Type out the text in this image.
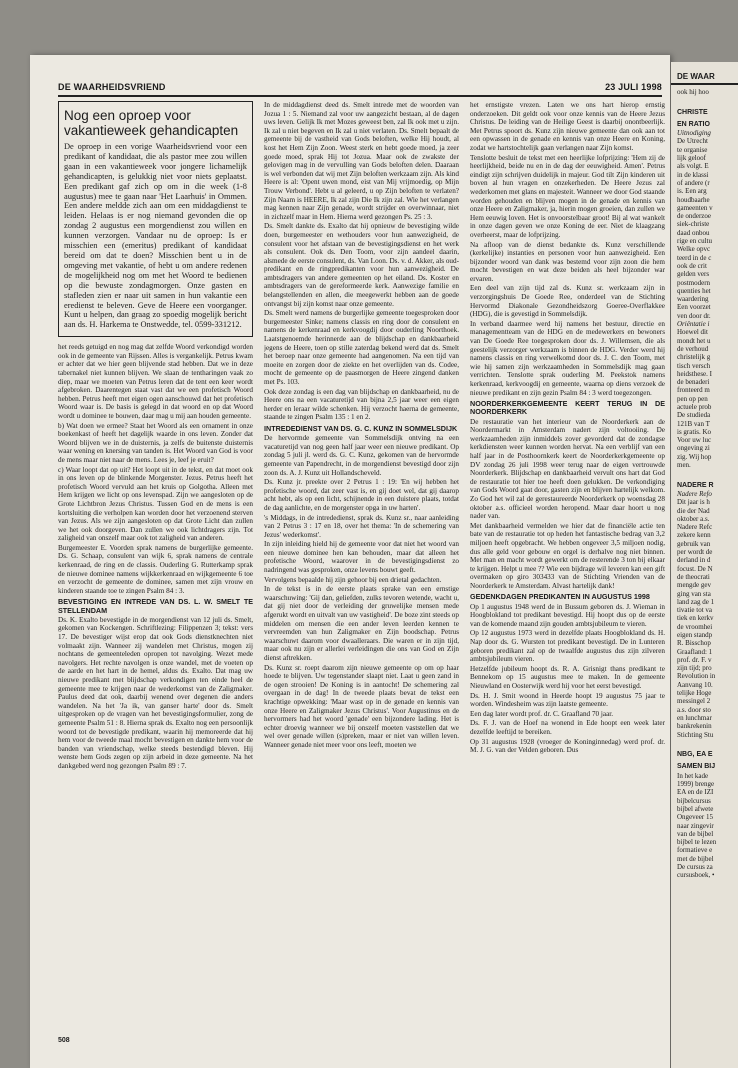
DE WAARHEIDSVRIEND	23 JULI 1998
Nog een oproep voor vakantieweek gehandicapten

De oproep in een vorige Waarheidsvriend voor een predikant of kandidaat, die als pastor mee zou willen gaan in een vakantieweek voor jongere lichamelijk gehandicapten, is gelukkig niet voor niets geplaatst. Een predikant gaf zich op om in die week (1-8 augustus) mee te gaan naar 'Het Laarhuis' in Ommen. Een andere meldde zich aan om een middagdienst te leiden. Helaas is er nog niemand gevonden die op zondag 2 augustus een morgendienst zou willen en kunnen verzorgen. Vandaar nu de oproep: Is er misschien een (emeritus) predikant of kandidaat bereid om dat te doen? Misschien bent u in de omgeving met vakantie, of hebt u om andere redenen de mogelijkheid nog om met het Woord te bedienen op die bewuste zondagmorgen. Onze gasten en stafleden zien er naar uit samen in hun vakantie een eredienst te beleven. Geve de Heere een voorganger. Kunt u helpen, dan graag zo spoedig mogelijk bericht aan ds. H. Harkema te Onstwedde, tel. 0599-331212.

het reeds getuigd en nog mag dat zelfde Woord verkondigd worden ook in de gemeente van Rijssen. Alles is vergankelijk. Petrus kwam er achter dat we hier geen blijvende stad hebben. Dat we in deze tabernakel niet kunnen blijven. We slaan de tentharingen vaak zo diep, maar we moeten van Petrus leren dat de tent een keer wordt afgebroken. Daarentegen staat vast dat we een profetisch Woord hebben. Petrus heeft met eigen ogen aanschouwd dat het profetisch Woord waar is. De basis is gelegd in dat woord en op dat Woord wordt u dominee te bouwen, daar mag u mij aan houden gemeente.

b) Wat doen we ermee? Staat het Woord als een ornament in onze boekenkast of heeft het dagelijk waarde in ons leven. Zonder dat Woord blijven we in de duisternis, ja zelfs de buitenste duisternis waar wening en knersing van tanden is. Het Woord van God is voor de mens maar niet naar de mens. Lees je, leef je eruit?

c) Waar loopt dat op uit? Het loopt uit in de tekst, en dat moet ook in ons leven op de blinkende Morgenster. Jezus. Petrus heeft het profetisch Woord vervuld aan het kruis op Golgotha. Alleen met Hem krijgen we licht op ons levenspad. Zijn we aangesloten op de Grote Lichtbron Jezus Christus. Tussen God en de mens is een kortsluiting die verholpen kan worden door het verzoenend sterven van Jezus. Als we zijn aangesloten op dat Grote Licht dan zullen we het ook doorgeven. Dan zullen we ook lichtdragers zijn. Tot zaligheid van onszelf maar ook tot zaligheid van anderen.

Burgemeester E. Voorden sprak namens de burgerlijke gemeente. Ds. G. Schaap, consulent van wijk 6, sprak namens de centrale kerkenraad, de ring en de classis. Ouderling G. Rutterkamp sprak de nieuwe dominee namens wijkkerkenraad en wijkgemeente 6 toe en verzocht de gemeente de dominee, samen met zijn vrouw en kinderen staande toe te zingen Psalm 84 : 3.

BEVESTIGING EN INTREDE VAN DS. L. W. SMELT TE STELLENDAM

Ds. K. Exalto bevestigde in de morgendienst van 12 juli ds. Smelt, gekomen van Kockengen. Schriftlezing: Filippenzen 3; tekst: vers 17. De bevestiger wijst erop dat ook Gods dienstknechten niet volmaakt zijn. Wanneer zij wandelen met Christus, mogen zij nochtans de gemeenteleden opropen tot navolging. Wezet mede navolgers. Het rechte navolgen is onze wandel, met de voeten op de aarde en het hart in de hemel, aldus ds. Exalto. Dat mag uw nieuwe predikant met blijdschap verkondigen ten einde heel de gemeente mee te krijgen naar de wederkomst van de Zaligmaker. Paulus deed dat ook, daarbij wenend over degenen die anders wandelen. Na het 'Ja ik, van ganser harte' door ds. Smelt uitgesproken op de vragen van het bevestigingsformulier, zong de gemeente Psalm 51 : 8. Hierna sprak ds. Exalto nog een persoonlijk woord tot de bevestigde predikant, waarin hij memoreerde dat hij hem voor de tweede maal mocht bevestigen en dankte hem voor de banden van vriendschap, welke steeds bestendigd bleven. Hij wenste hem Gods zegen op zijn arbeid in deze gemeente. Na het dankgebed werd nog gezongen Psalm 89 : 7.

In de middagdienst deed ds. Smelt intrede met de woorden van Jozua 1 : 5. Niemand zal voor uw aangezicht bestaan, al de dagen uws leven. Gelijk Ik met Mozes geweest ben, zal Ik ook met u zijn. Ik zal u niet begeven en Ik zal u niet verlaten. Ds. Smelt bepaalt de gemeente bij de vastheid van Gods beloften, welke Hij houdt, al kost het Hem Zijn Zoon. Weest sterk en hebt goede moed, ja zeer goede moed, sprak Hij tot Jozua. Maar ook de zwakste der gelovigen mag in de vervulling van Gods beloften delen. Daaraan is wel verbonden dat wij met Zijn beloften werkzaam zijn. Als kind Heere is al: 'Opent uwen mond, eist van Mij vrijmoedig, op Mijn Trouw Verbond'. Hebt u al geleerd, u op Zijn beloften te verlaten? Zijn Naam is HEERE, Ik zal zijn Die Ik zijn zal. Wie het verlangen mag kennen naar Zijn genade, wordt strijder en overwinnaar, niet in zichzelf maar in Hem. Hierna werd gezongen Ps. 25 : 3.

Ds. Smelt dankte ds. Exalto dat hij opnieuw de bevestiging wilde doen, burgemeester en wethouders voor hun aanwezigheid, de consulent voor het afstaan van de bevestigingsdienst en het werk als consulent. Ook ds. Den Toom, voor zijn aandeel daarin, alsmede de eerste consulent, ds. Van Loon. Ds. v. d. Akker, als oud-predikant en de ringpredikanten voor hun aanwezigheid. De ambtsdragers van andere gemeenten op het eiland. Ds. Koster en ambtsdragers van de gereformeerde kerk. Aanwezige familie en belangstellenden en allen, die meegewerkt hebben aan de goede ontvangst bij zijn komst naar onze gemeente.

Ds. Smelt werd namens de burgerlijke gemeente toegesproken door burgemeester Sinke; namens classis en ring door de consulent en namens de kerkenraad en kerkvoogdij door ouderling Noorthoek. Laatstgenoemde herinnerde aan de blijdschap en dankbaarheid jegens de Heere, toen op stille zaterdag bekend werd dat ds. Smelt het beroep naar onze gemeente had aangenomen. Na een tijd van moeite en zorgen door de ziekte en het overlijden van ds. Codee, mocht de gemeente op de paasmorgen de Heere zingend danken met Ps. 103.

Ook deze zondag is een dag van blijdschap en dankbaarheid, nu de Heere ons na een vacaturetijd van bijna 2,5 jaar weer een eigen herder en leraar wilde schenken. Hij verzocht haerna de gemeente, staande te zingen Psalm 135 : 1 en 2.

INTREDEDIENST VAN DS. G. C. KUNZ IN SOMMELSDIJK

De hervormde gemeente van Sommelsdijk ontving na een vacaturetijd van nog geen half jaar weer een nieuwe predikant. Op zondag 5 juli jl. werd ds. G. C. Kunz, gekomen van de hervormde gemeente van Papendrecht, in de morgendienst bevestigd door zijn zoon ds. A. J. Kunz uit Hollandscheveld.

Ds. Kunz jr. preekte over 2 Petrus 1 : 19: 'En wij hebben het profetische woord, dat zeer vast is, en gij doet wel, dat gij daarop acht hebt, als op een licht, schijnende in een duistere plaats, totdat de dag aanlichte, en de morgenster opga in uw harten'.

's Middags, in de intrededienst, sprak ds. Kunz sr., naar aanleiding van 2 Petrus 3 : 17 en 18, over het thema: 'In de schemering van Jezus' wederkomst'.

In zijn inleiding hield hij de gemeente voor dat niet het woord van een nieuwe dominee hen kan behouden, maar dat alleen het profetische Woord, waarover in de bevestigingsdienst zo nadringend was gesproken, onze levens bouwt geeft.

Vervolgens bepaalde hij zijn gehoor bij een drietal gedachten.

In de tekst is in de eerste plaats sprake van een ernstige waarschuwing: 'Gij dan, geliefden, zulks tevoren wetende, wacht u, dat gij niet door de verleiding der gruwelijke mensen mede afgerukt wordt en uitvalt van uw vastigheid'. De boze zint steeds op middelen om mensen die een ander leven leerden kennen te vervreemden van hun Zaligmaker en Zijn boodschap. Petrus waarschuwt daarom voor dwaalleraars. Die waren er in zijn tijd, maar ook nu zijn er allerlei verleidingen die ons van God en Zijn dienst aftrekken.

Ds. Kunz sr. roept daarom zijn nieuwe gemeente op om op haar hoede te blijven. Uw tegenstander slaapt niet. Laat u geen zand in de ogen strooien! De Koning is in aantocht! De schemering zal overgaan in de dag! In de tweede plaats bevat de tekst een krachtige opwekking: 'Maar wast op in de genade en kennis van onze Heere en Zaligmaker Jezus Christus'. Voor Augustinus en de hervormers had het woord 'genade' een bijzondere lading. Het is echter droevig wanneer we bij onszelf moeten vaststellen dat we wel over genade willen (s)preken, maar er niet van willen leven. Wanneer genade niet meer voor ons leeft, moeten we

het ernstigste vrezen. Laten we ons hart hierop ernstig onderzoeken. Dit geldt ook voor onze kennis van de Heere Jezus Christus. De leiding van de Heilige Geest is daarbij onontbeerlijk. Met Petrus spoort ds. Kunz zijn nieuwe gemeente dan ook aan tot een opwassen in de genade en kennis van onze Heere en Koning, zodat we hartstochtelijk gaan verlangen naar Zijn komst.

Tenslotte besluit de tekst met een heerlijke lofprijzing: 'Hem zij de heerlijkheid, beide nu en in de dag der eeuwigheid. Amen'. Petrus eindigt zijn schrijven duidelijk in majeur. God tilt Zijn kinderen uit boven al hun vragen en onzekerheden. De Heere Jezus zal wederkomen met glans en majesteit. Wanneer we door God staande worden gehouden en blijven mogen in de genade en kennis van onze Heere en Zaligmaker, ja, hierin mogen groeien, dan zullen we Hem eeuwig loven. Het is onvoorstelbaar groot! Bij al wat wankelt in onze dagen geven we onze Koning de eer. Niet de klaagzang overheerst, maar de lofprijzing.

Na afloop van de dienst bedankte ds. Kunz verschillende (kerkelijke) instanties en personen voor hun aanwezigheid. Een bijzonder woord van dank was bestemd voor zijn zoon die hem mocht bevestigen en wat deze beiden als heel bijzonder war ervaren.

Een deel van zijn tijd zal ds. Kunz sr. werkzaam zijn in verzorgingshuis De Goede Ree, onderdeel van de Stichting Hervormd Diakonale Gezondheidszorg Goeree-Overflakkee (HDG), die is gevestigd in Sommelsdijk.

In verband daarmee werd hij namens het bestuur, directie en managementteam van de HDG en de medewerkers en bewoners van De Goede Ree toegesproken door ds. J. Willemsen, die als geestelijk verzorger werkzaam is binnen de HDG. Verder werd hij namens classis en ring verwelkomd door ds. J. C. den Toom, met wie hij samen zijn werkzaamheden in Sommelsdijk mag gaan verrichten. Tenslotte sprak ouderling M. Peekstok namens kerkenraad, kerkvoogdij en gemeente, waarna op diens verzoek de nieuwe predikant en zijn gezin Psalm 84 : 3 werd toegezongen.

NOORDERKERKGEMEENTE KEERT TERUG IN DE NOORDERKERK

De restauratie van het interieur van de Noorderkerk aan de Noordermarkt in Amsterdam nadert zijn voltooiing. De werkzaamheden zijn inmiddels zover gevorderd dat de zondagse kerkdiensten weer kunnen worden hervat. Na een verblijf van een half jaar in de Posthoornkerk keert de Noorderkerkgemeente op DV zondag 26 juli 1998 weer terug naar de eigen vertrouwde Noorderkerk. Blijdschap en dankbaarheid vervult ons hart dat God de restauratie tot hier toe heeft doen gelukken. De verkondiging van Gods Woord gaat door, gasten zijn en blijven hartelijk welkom. Zo God het wil zal de gerestaureerde Noorderkerk op woensdag 28 oktober a.s. officieel worden heropend. Maar daar hoort u nog nader van.

Met dankbaarheid vermelden we hier dat de financiële actie ten bate van de restauratie tot op heden het fantastische bedrag van 3,2 miljoen heeft opgebracht. We hebben ongeveer 3,5 miljoen nodig, dus alle geld voor gebouw en orgel is derhalve nog niet binnen. Met man en macht wordt gewerkt om de resterende 3 ton bij elkaar te krijgen. Helpt u mee ?? Wie een bijdrage wil leveren kan een gift overmaken op giro 303433 van de Stichting Vrienden van de Noorderkerk te Amsterdam. Alvast hartelijk dank!

GEDENKDAGEN PREDIKANTEN IN AUGUSTUS 1998

Op 1 augustus 1948 werd de in Bussum geboren ds. J. Wieman in Hoogblokland tot predikant bevestigd. Hij hoopt dus op de eerste van de komende maand zijn gouden ambtsjubileum te vieren.

Op 12 augustus 1973 werd in dezelfde plaats Hoogblokland ds. H. Nap door ds. G. Wursten tot predikant bevestigd. De in Lunteren geboren predikant zal op de twaalfde augustus dus zijn zilveren ambtsjubileum vieren.

Hetzelfde jubileum hoopt ds. R. A. Grisnigt thans predikant te Bennekom op 15 augustus mee te maken. In de gemeente Nieuwland en Oosterwijk werd hij voor het eerst bevestigd.

Ds. H. J. Smit woond in Heerde hoopt 19 augustus 75 jaar te worden. Windesheim was zijn laatste gemeente.

Een dag later wordt prof. dr. C. Graafland 70 jaar.

Ds. F. J. van de Hoef na wonend in Ede hoopt een week later dezelfde leeftijd te bereiken.

Op 31 augustus 1928 (vroeger de Koninginnedag) werd prof. dr. M. J. G. van der Velden geboren. Dus

508
DE WAAR
ook hij hoo
CHRISTE
EN RATIO
Uitnodiging
De Utrecht
te organise
lijk geloof
als volgt. E
in de klassi
of andere (r
is. Een arg
houdbaarhe
gameenten v
de onderzoe
siek-christe
daad onbou
rige en cultu
Welke opvc
teerd in de c
ook de crit
gelden vers
postmodern
quenties het
waardering
Een voorzet
ven door dr.
Oriëntatie i
Hoewel dit
mondt het u
de verhoud
christelijk g
tisch versch
heidsthese. I
de benaderi
fronteerd m
pen op pen
actuele prob
De studieda
121B van T
is gratis. Ko
Voor uw luc
ongeving zi
zig. Wij hop
men.
NADERE R
Nadere Refo
Dit jaar is h
die der Nad
oktober a.s.
Nadere Refc
zekere kenn
gebruik van
per wordt de
derland in d
focust. De N
de theocrati
mengde gev
ging van sta
land zag de 1
tivatie tot va
tiek en kerkv
de vroomhei
eigen standp
R. Bisschop
Graafland: 1
prof. dr. F. v
zijn tijd; pro
Revolution in
Aanvang 10.
telijke Hoge
messingel 2
a.s. door sto
en lunchmar
bankrekenin
Stichting Stu
NBG, EA E
SAMEN BIJ
In het kade
1999) brenge
EA en de IZI
bijbelcursus
bijbel afwete
Ongeveer 15
naar zingevir
van de bijbel
bijbel te lezen
formatieve e
met de bijbel
De cursus za
cursusboek, •
